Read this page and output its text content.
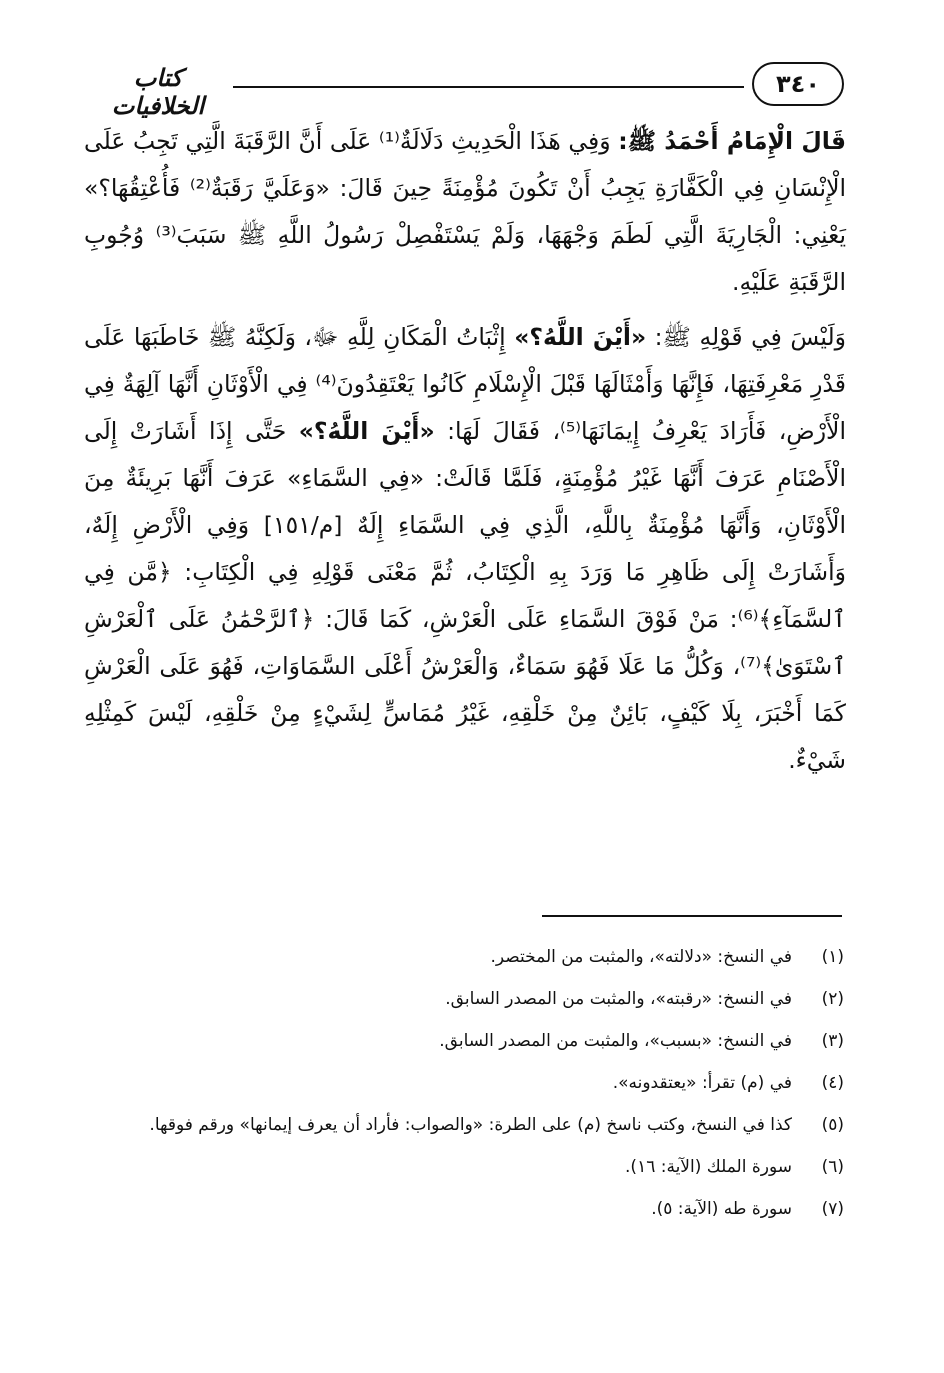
٣٤٠
كتاب الخلافيات

قَالَ الْإِمَامُ أَحْمَدُ ﷺ: وَفِي هَذَا الْحَدِيثِ دَلَالَةٌ⁽¹⁾ عَلَى أَنَّ الرَّقَبَةَ الَّتِي تَجِبُ عَلَى الْإِنْسَانِ فِي الْكَفَّارَةِ يَجِبُ أَنْ تَكُونَ مُؤْمِنَةً حِينَ قَالَ: «وَعَلَيَّ رَقَبَةٌ⁽²⁾ فَأُعْتِقُهَا؟» يَعْنِي: الْجَارِيَةَ الَّتِي لَطَمَ وَجْهَهَا، وَلَمْ يَسْتَفْصِلْ رَسُولُ اللَّهِ ﷺ سَبَبَ⁽³⁾ وُجُوبِ الرَّقَبَةِ عَلَيْهِ.

وَلَيْسَ فِي قَوْلِهِ ﷺ: «أَيْنَ اللَّهُ؟» إِثْبَاتُ الْمَكَانِ لِلَّهِ ﷻ، وَلَكِنَّهُ ﷺ خَاطَبَهَا عَلَى قَدْرِ مَعْرِفَتِهَا، فَإِنَّهَا وَأَمْثَالَهَا قَبْلَ الْإِسْلَامِ كَانُوا يَعْتَقِدُونَ⁽⁴⁾ فِي الْأَوْثَانِ أَنَّهَا آلِهَةٌ فِي الْأَرْضِ، فَأَرَادَ يَعْرِفُ إِيمَانَهَا⁽⁵⁾، فَقَالَ لَهَا: «أَيْنَ اللَّهُ؟» حَتَّى إِذَا أَشَارَتْ إِلَى الْأَصْنَامِ عَرَفَ أَنَّهَا غَيْرُ مُؤْمِنَةٍ، فَلَمَّا قَالَتْ: «فِي السَّمَاءِ» عَرَفَ أَنَّهَا بَرِيئَةٌ مِنَ الْأَوْثَانِ، وَأَنَّهَا مُؤْمِنَةٌ بِاللَّهِ، الَّذِي فِي السَّمَاءِ إِلَهٌ [م/١٥١] وَفِي الْأَرْضِ إِلَهٌ، وَأَشَارَتْ إِلَى ظَاهِرِ مَا وَرَدَ بِهِ الْكِتَابُ، ثُمَّ مَعْنَى قَوْلِهِ فِي الْكِتَابِ: ﴿مَّن فِي ٱلسَّمَآءِ﴾⁽⁶⁾: مَنْ فَوْقَ السَّمَاءِ عَلَى الْعَرْشِ، كَمَا قَالَ: ﴿ٱلرَّحْمَٰنُ عَلَى ٱلْعَرْشِ ٱسْتَوَىٰ﴾⁽⁷⁾، وَكُلُّ مَا عَلَا فَهُوَ سَمَاءٌ، وَالْعَرْشُ أَعْلَى السَّمَاوَاتِ، فَهُوَ عَلَى الْعَرْشِ كَمَا أَخْبَرَ، بِلَا كَيْفٍ، بَائِنٌ مِنْ خَلْقِهِ، غَيْرُ مُمَاسٍّ لِشَيْءٍ مِنْ خَلْقِهِ، لَيْسَ كَمِثْلِهِ شَيْءٌ.

(١)
في النسخ: «دلالته»، والمثبت من المختصر.
(٢)
في النسخ: «رقبته»، والمثبت من المصدر السابق.
(٣)
في النسخ: «بسبب»، والمثبت من المصدر السابق.
(٤)
في (م) تقرأ: «يعتقدونه».
(٥)
كذا في النسخ، وكتب ناسخ (م) على الطرة: «والصواب: فأراد أن يعرف إيمانها» ورقم فوقها.
(٦)
سورة الملك (الآية: ١٦).
(٧)
سورة طه (الآية: ٥).
